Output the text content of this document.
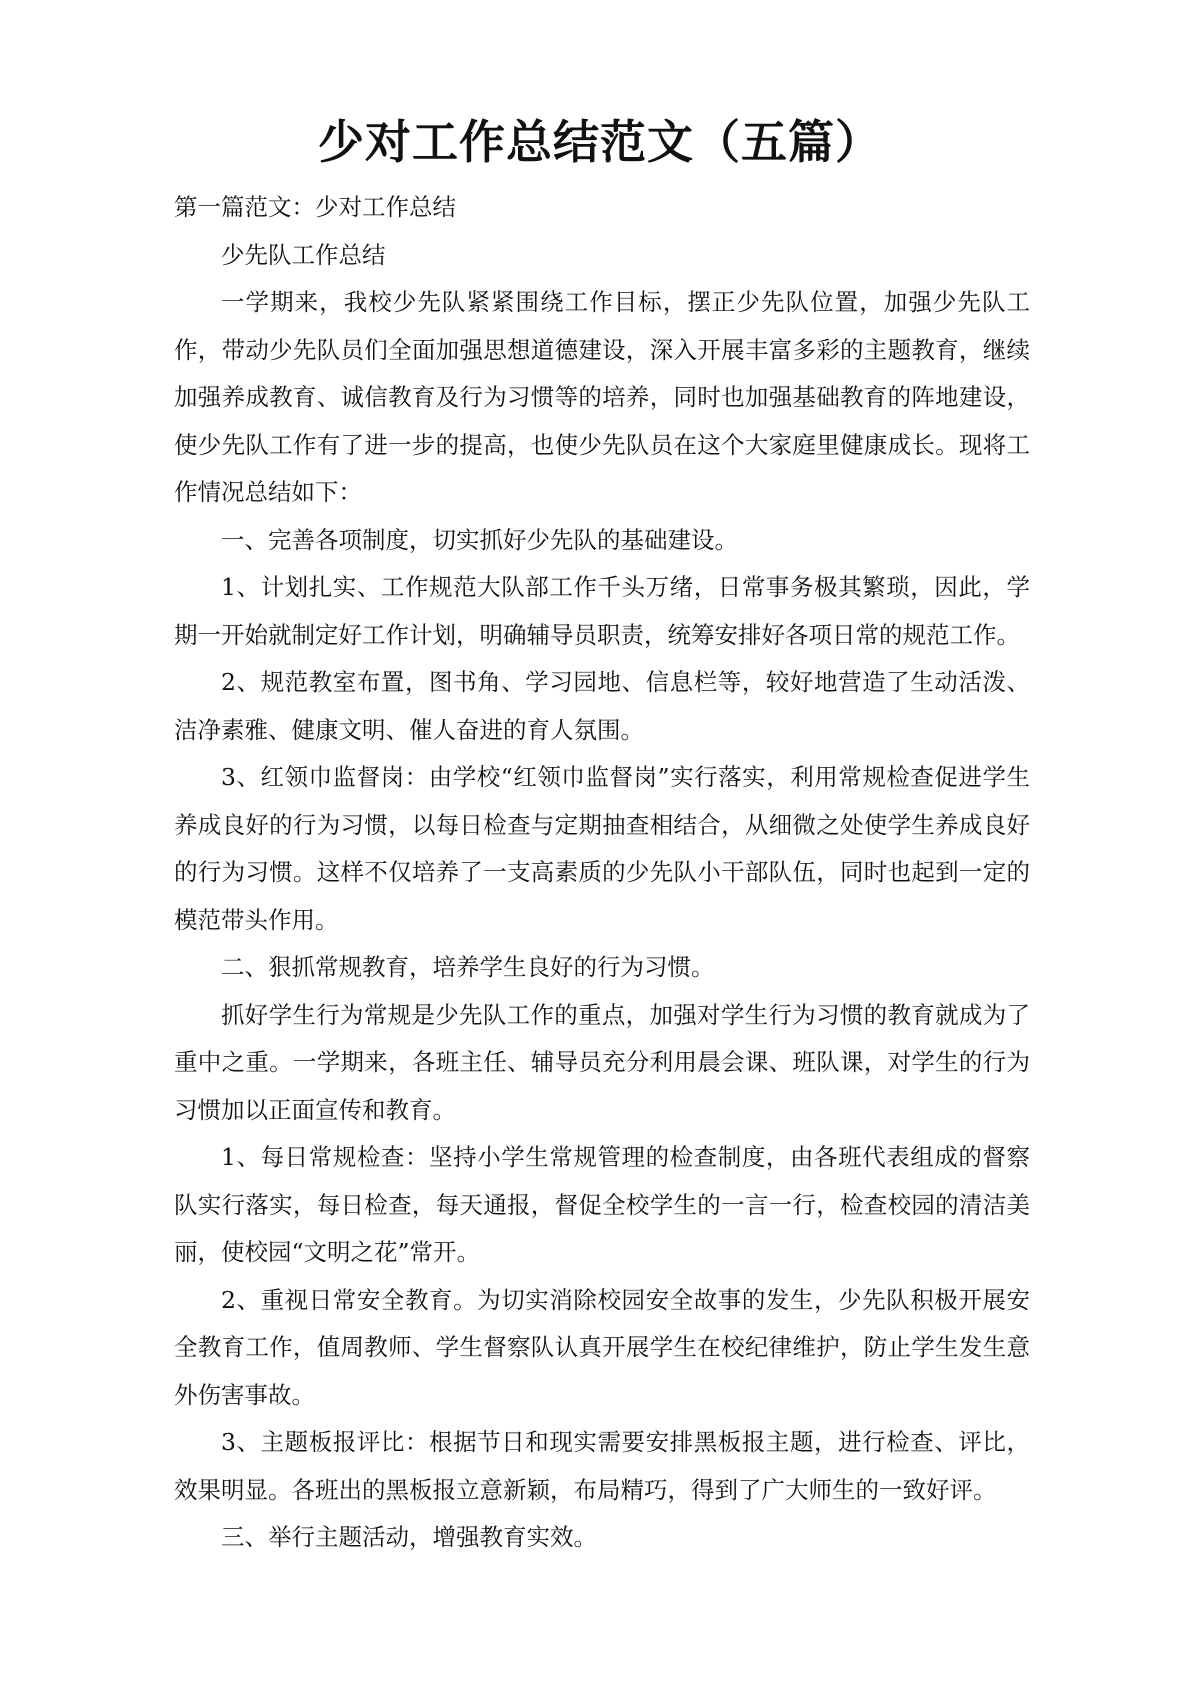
少对工作总结范文（五篇）

第一篇范文：少对工作总结

少先队工作总结

一学期来，我校少先队紧紧围绕工作目标，摆正少先队位置，加强少先队工作，带动少先队员们全面加强思想道德建设，深入开展丰富多彩的主题教育，继续加强养成教育、诚信教育及行为习惯等的培养，同时也加强基础教育的阵地建设，使少先队工作有了进一步的提高，也使少先队员在这个大家庭里健康成长。现将工作情况总结如下：

一、完善各项制度，切实抓好少先队的基础建设。

1、计划扎实、工作规范大队部工作千头万绪，日常事务极其繁琐，因此，学期一开始就制定好工作计划，明确辅导员职责，统筹安排好各项日常的规范工作。

2、规范教室布置，图书角、学习园地、信息栏等，较好地营造了生动活泼、洁净素雅、健康文明、催人奋进的育人氛围。

3、红领巾监督岗：由学校“红领巾监督岗”实行落实，利用常规检查促进学生养成良好的行为习惯，以每日检查与定期抽查相结合，从细微之处使学生养成良好的行为习惯。这样不仅培养了一支高素质的少先队小干部队伍，同时也起到一定的模范带头作用。

二、狠抓常规教育，培养学生良好的行为习惯。

抓好学生行为常规是少先队工作的重点，加强对学生行为习惯的教育就成为了重中之重。一学期来，各班主任、辅导员充分利用晨会课、班队课，对学生的行为习惯加以正面宣传和教育。

1、每日常规检查：坚持小学生常规管理的检查制度，由各班代表组成的督察队实行落实，每日检查，每天通报，督促全校学生的一言一行，检查校园的清洁美丽，使校园“文明之花”常开。

2、重视日常安全教育。为切实消除校园安全故事的发生，少先队积极开展安全教育工作，值周教师、学生督察队认真开展学生在校纪律维护，防止学生发生意外伤害事故。

3、主题板报评比：根据节日和现实需要安排黑板报主题，进行检查、评比，效果明显。各班出的黑板报立意新颖，布局精巧，得到了广大师生的一致好评。

三、举行主题活动，增强教育实效。
